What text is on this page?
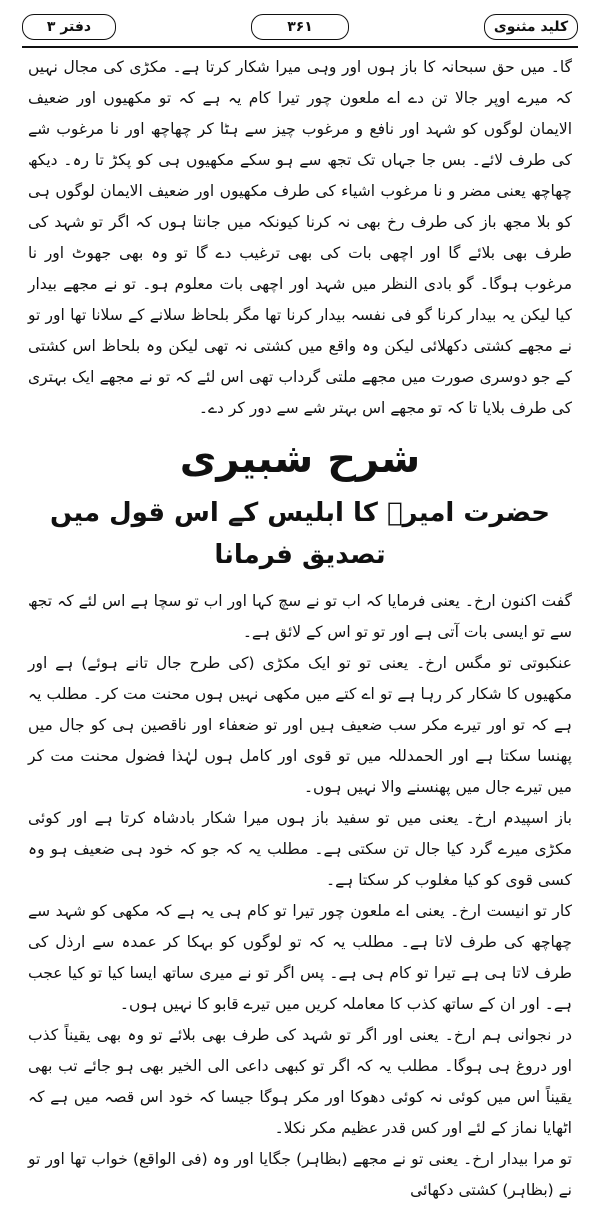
کلید مثنوی
۳۶۱
دفتر ۳

گا۔ میں حق سبحانہ کا باز ہوں اور وہی میرا شکار کرتا ہے۔ مکڑی کی مجال نہیں کہ میرے اوپر جالا تن دے اے ملعون چور تیرا کام یہ ہے کہ تو مکھیوں اور ضعیف الایمان لوگوں کو شہد اور نافع و مرغوب چیز سے ہٹا کر چھاچھ اور نا مرغوب شے کی طرف لائے۔ بس جا جہاں تک تجھ سے ہو سکے مکھیوں ہی کو پکڑ تا رہ۔ دیکھ چھاچھ یعنی مضر و نا مرغوب اشیاء کی طرف مکھیوں اور ضعیف الایمان لوگوں ہی کو بلا مجھ باز کی طرف رخ بھی نہ کرنا کیونکہ میں جانتا ہوں کہ اگر تو شہد کی طرف بھی بلائے گا اور اچھی بات کی بھی ترغیب دے گا تو وہ بھی جھوٹ اور نا مرغوب ہوگا۔ گو بادی النظر میں شہد اور اچھی بات معلوم ہو۔ تو نے مجھے بیدار کیا لیکن یہ بیدار کرنا گو فی نفسہ بیدار کرنا تھا مگر بلحاظ سلانے کے سلانا تھا اور تو نے مجھے کشتی دکھلائی لیکن وہ واقع میں کشتی نہ تھی لیکن وہ بلحاظ اس کشتی کے جو دوسری صورت میں مجھے ملتی گرداب تھی اس لئے کہ تو نے مجھے ایک بہتری کی طرف بلایا تا کہ تو مجھے اس بہتر شے سے دور کر دے۔

شرح شبیری
حضرت امیرؓ کا ابلیس کے اس قول میں تصدیق فرمانا

گفت اکنون ارخ۔ یعنی فرمایا کہ اب تو نے سچ کہا اور اب تو سچا ہے اس لئے کہ تجھ سے تو ایسی بات آتی ہے اور تو تو اس کے لائق ہے۔

عنکبوتی تو مگس ارخ۔ یعنی تو تو ایک مکڑی (کی طرح جال تانے ہوئے) ہے اور مکھیوں کا شکار کر رہا ہے تو اے کتے میں مکھی نہیں ہوں محنت مت کر۔ مطلب یہ ہے کہ تو اور تیرے مکر سب ضعیف ہیں اور تو ضعفاء اور ناقصین ہی کو جال میں پھنسا سکتا ہے اور الحمدللہ میں تو قوی اور کامل ہوں لہٰذا فضول محنت مت کر میں تیرے جال میں پھنسنے والا نہیں ہوں۔

باز اسپیدم ارخ۔ یعنی میں تو سفید باز ہوں میرا شکار بادشاہ کرتا ہے اور کوئی مکڑی میرے گرد کیا جال تن سکتی ہے۔ مطلب یہ کہ جو کہ خود ہی ضعیف ہو وہ کسی قوی کو کیا مغلوب کر سکتا ہے۔

کار تو انیست ارخ۔ یعنی اے ملعون چور تیرا تو کام ہی یہ ہے کہ مکھی کو شہد سے چھاچھ کی طرف لاتا ہے۔ مطلب یہ کہ تو لوگوں کو بہکا کر عمدہ سے ارذل کی طرف لاتا ہی ہے تیرا تو کام ہی ہے۔ پس اگر تو نے میری ساتھ ایسا کیا تو کیا عجب ہے۔ اور ان کے ساتھ کذب کا معاملہ کریں میں تیرے قابو کا نہیں ہوں۔

در نجوانی ہم ارخ۔ یعنی اور اگر تو شہد کی طرف بھی بلائے تو وہ بھی یقیناً کذب اور دروغ ہی ہوگا۔ مطلب یہ کہ اگر تو کبھی داعی الی الخیر بھی ہو جائے تب بھی یقیناً اس میں کوئی نہ کوئی دھوکا اور مکر ہوگا جیسا کہ خود اس قصہ میں ہے کہ اٹھایا نماز کے لئے اور کس قدر عظیم مکر نکلا۔

تو مرا بیدار ارخ۔ یعنی تو نے مجھے (بظاہر) جگایا اور وہ (فی الواقع) خواب تھا اور تو نے (بظاہر) کشتی دکھائی
